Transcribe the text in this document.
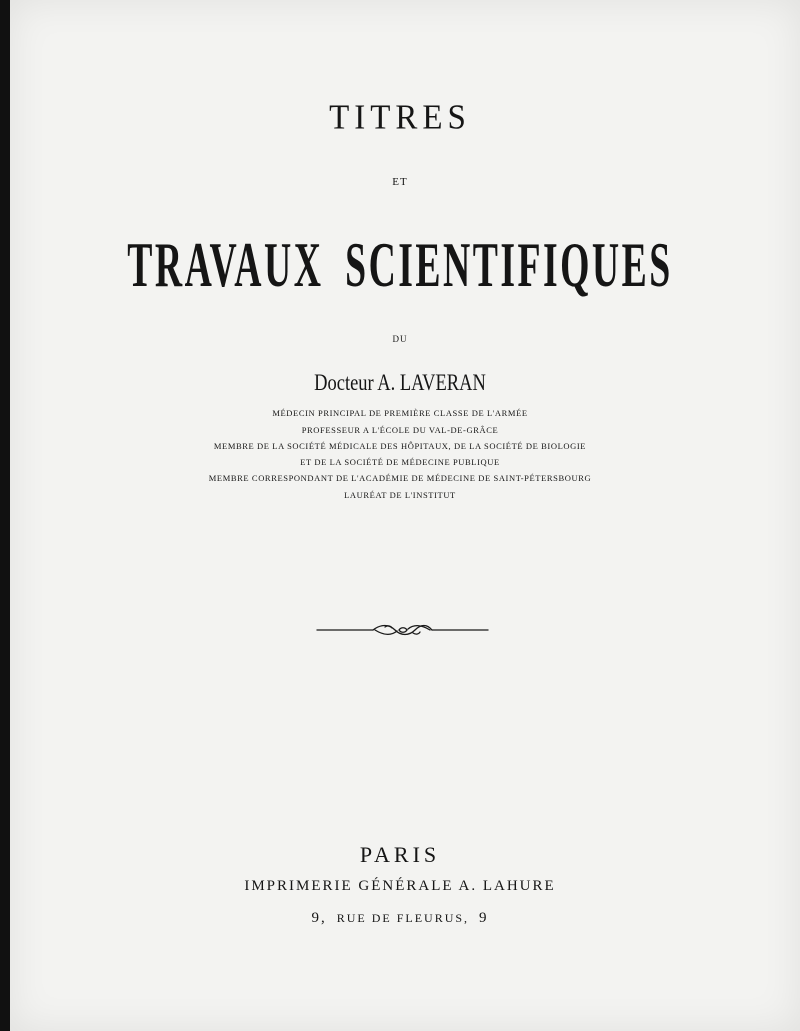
TITRES
ET
TRAVAUX SCIENTIFIQUES
DU
Docteur A. LAVERAN
MÉDECIN PRINCIPAL DE PREMIÈRE CLASSE DE L'ARMÉE
PROFESSEUR A L'ÉCOLE DU VAL-DE-GRÂCE
MEMBRE DE LA SOCIÉTÉ MÉDICALE DES HÔPITAUX, DE LA SOCIÉTÉ DE BIOLOGIE
ET DE LA SOCIÉTÉ DE MÉDECINE PUBLIQUE
MEMBRE CORRESPONDANT DE L'ACADÉMIE DE MÉDECINE DE SAINT-PÉTERSBOURG
LAURÉAT DE L'INSTITUT
PARIS
IMPRIMERIE GÉNÉRALE A. LAHURE
9, RUE DE FLEURUS, 9
